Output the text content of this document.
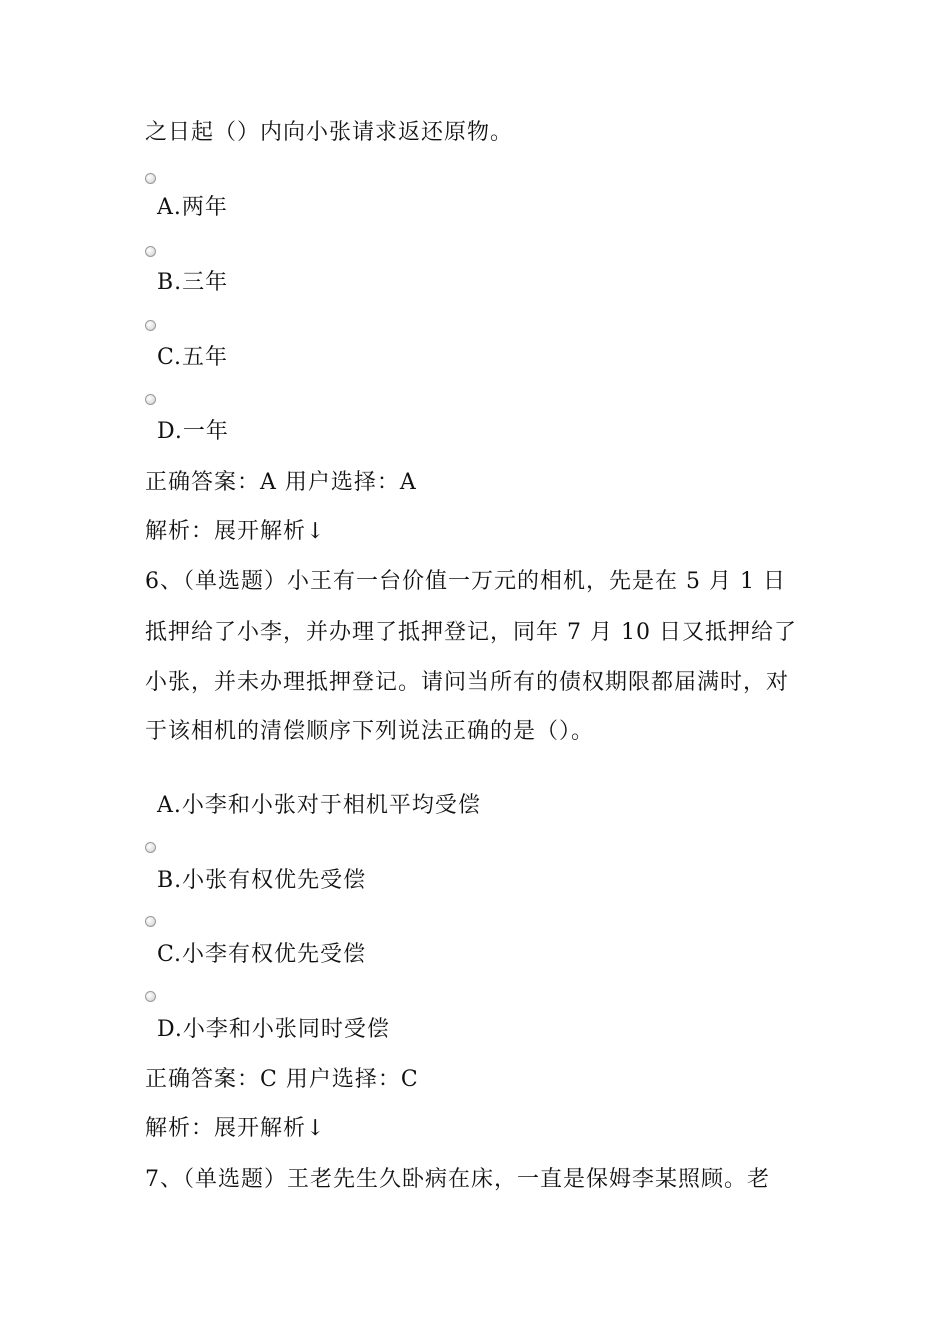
之日起（）内向小张请求返还原物。
A.两年
B.三年
C.五年
D.一年
正确答案：A 用户选择：A
解析：展开解析↓
6、（单选题）小王有一台价值一万元的相机，先是在 5 月 1 日
抵押给了小李，并办理了抵押登记，同年 7 月 10 日又抵押给了
小张，并未办理抵押登记。请问当所有的债权期限都届满时，对
于该相机的清偿顺序下列说法正确的是（）。
A.小李和小张对于相机平均受偿
B.小张有权优先受偿
C.小李有权优先受偿
D.小李和小张同时受偿
正确答案：C 用户选择：C
解析：展开解析↓
7、（单选题）王老先生久卧病在床，一直是保姆李某照顾。老
